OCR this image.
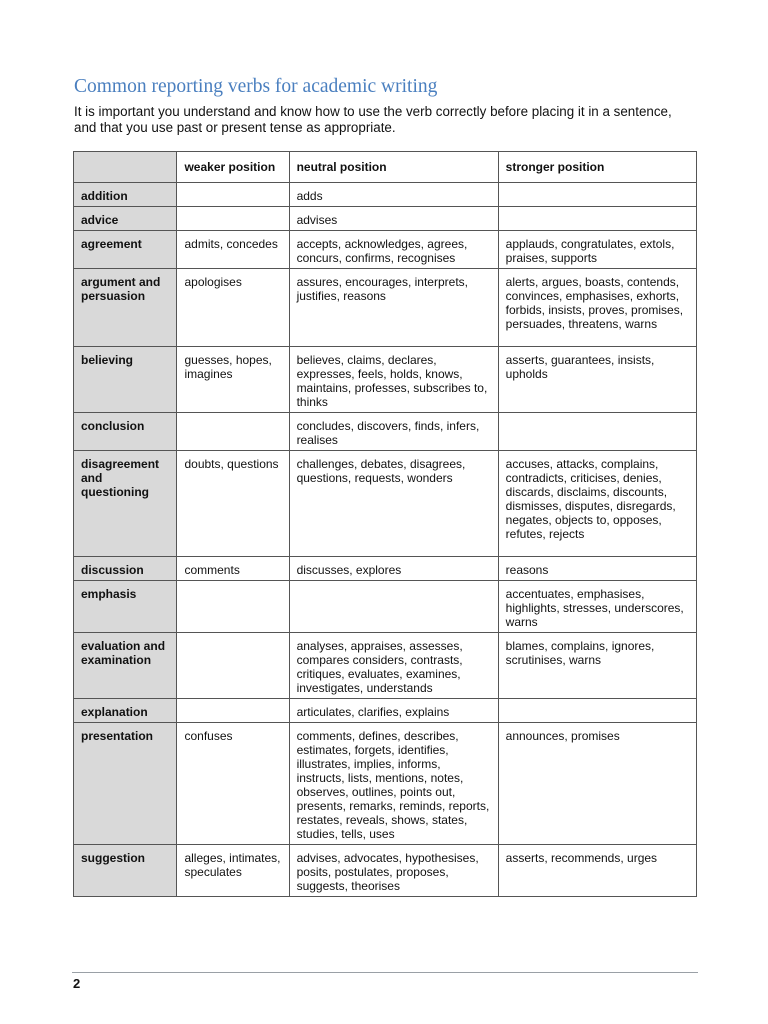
Common reporting verbs for academic writing
It is important you understand and know how to use the verb correctly before placing it in a sentence, and that you use past or present tense as appropriate.
	weaker position	neutral position	stronger position
addition		adds	
advice		advises	
agreement	admits, concedes	accepts, acknowledges, agrees, concurs, confirms, recognises	applauds, congratulates, extols, praises, supports
argument and persuasion	apologises	assures, encourages, interprets, justifies, reasons	alerts, argues, boasts, contends, convinces, emphasises, exhorts, forbids, insists, proves, promises, persuades, threatens, warns
believing	guesses, hopes, imagines	believes, claims, declares, expresses, feels, holds, knows, maintains, professes, subscribes to, thinks	asserts, guarantees, insists, upholds
conclusion		concludes, discovers, finds, infers, realises	
disagreement and questioning	doubts, questions	challenges, debates, disagrees, questions, requests, wonders	accuses, attacks, complains, contradicts, criticises, denies, discards, disclaims, discounts, dismisses, disputes, disregards, negates, objects to, opposes, refutes, rejects
discussion	comments	discusses, explores	reasons
emphasis			accentuates, emphasises, highlights, stresses, underscores, warns
evaluation and examination		analyses, appraises, assesses, compares considers, contrasts, critiques, evaluates, examines, investigates, understands	blames, complains, ignores, scrutinises, warns
explanation		articulates, clarifies, explains	
presentation	confuses	comments, defines, describes, estimates, forgets, identifies, illustrates, implies, informs, instructs, lists, mentions, notes, observes, outlines, points out, presents, remarks, reminds, reports, restates, reveals, shows, states, studies, tells, uses	announces, promises
suggestion	alleges, intimates, speculates	advises, advocates, hypothesises, posits, postulates, proposes, suggests, theorises	asserts, recommends, urges
2
